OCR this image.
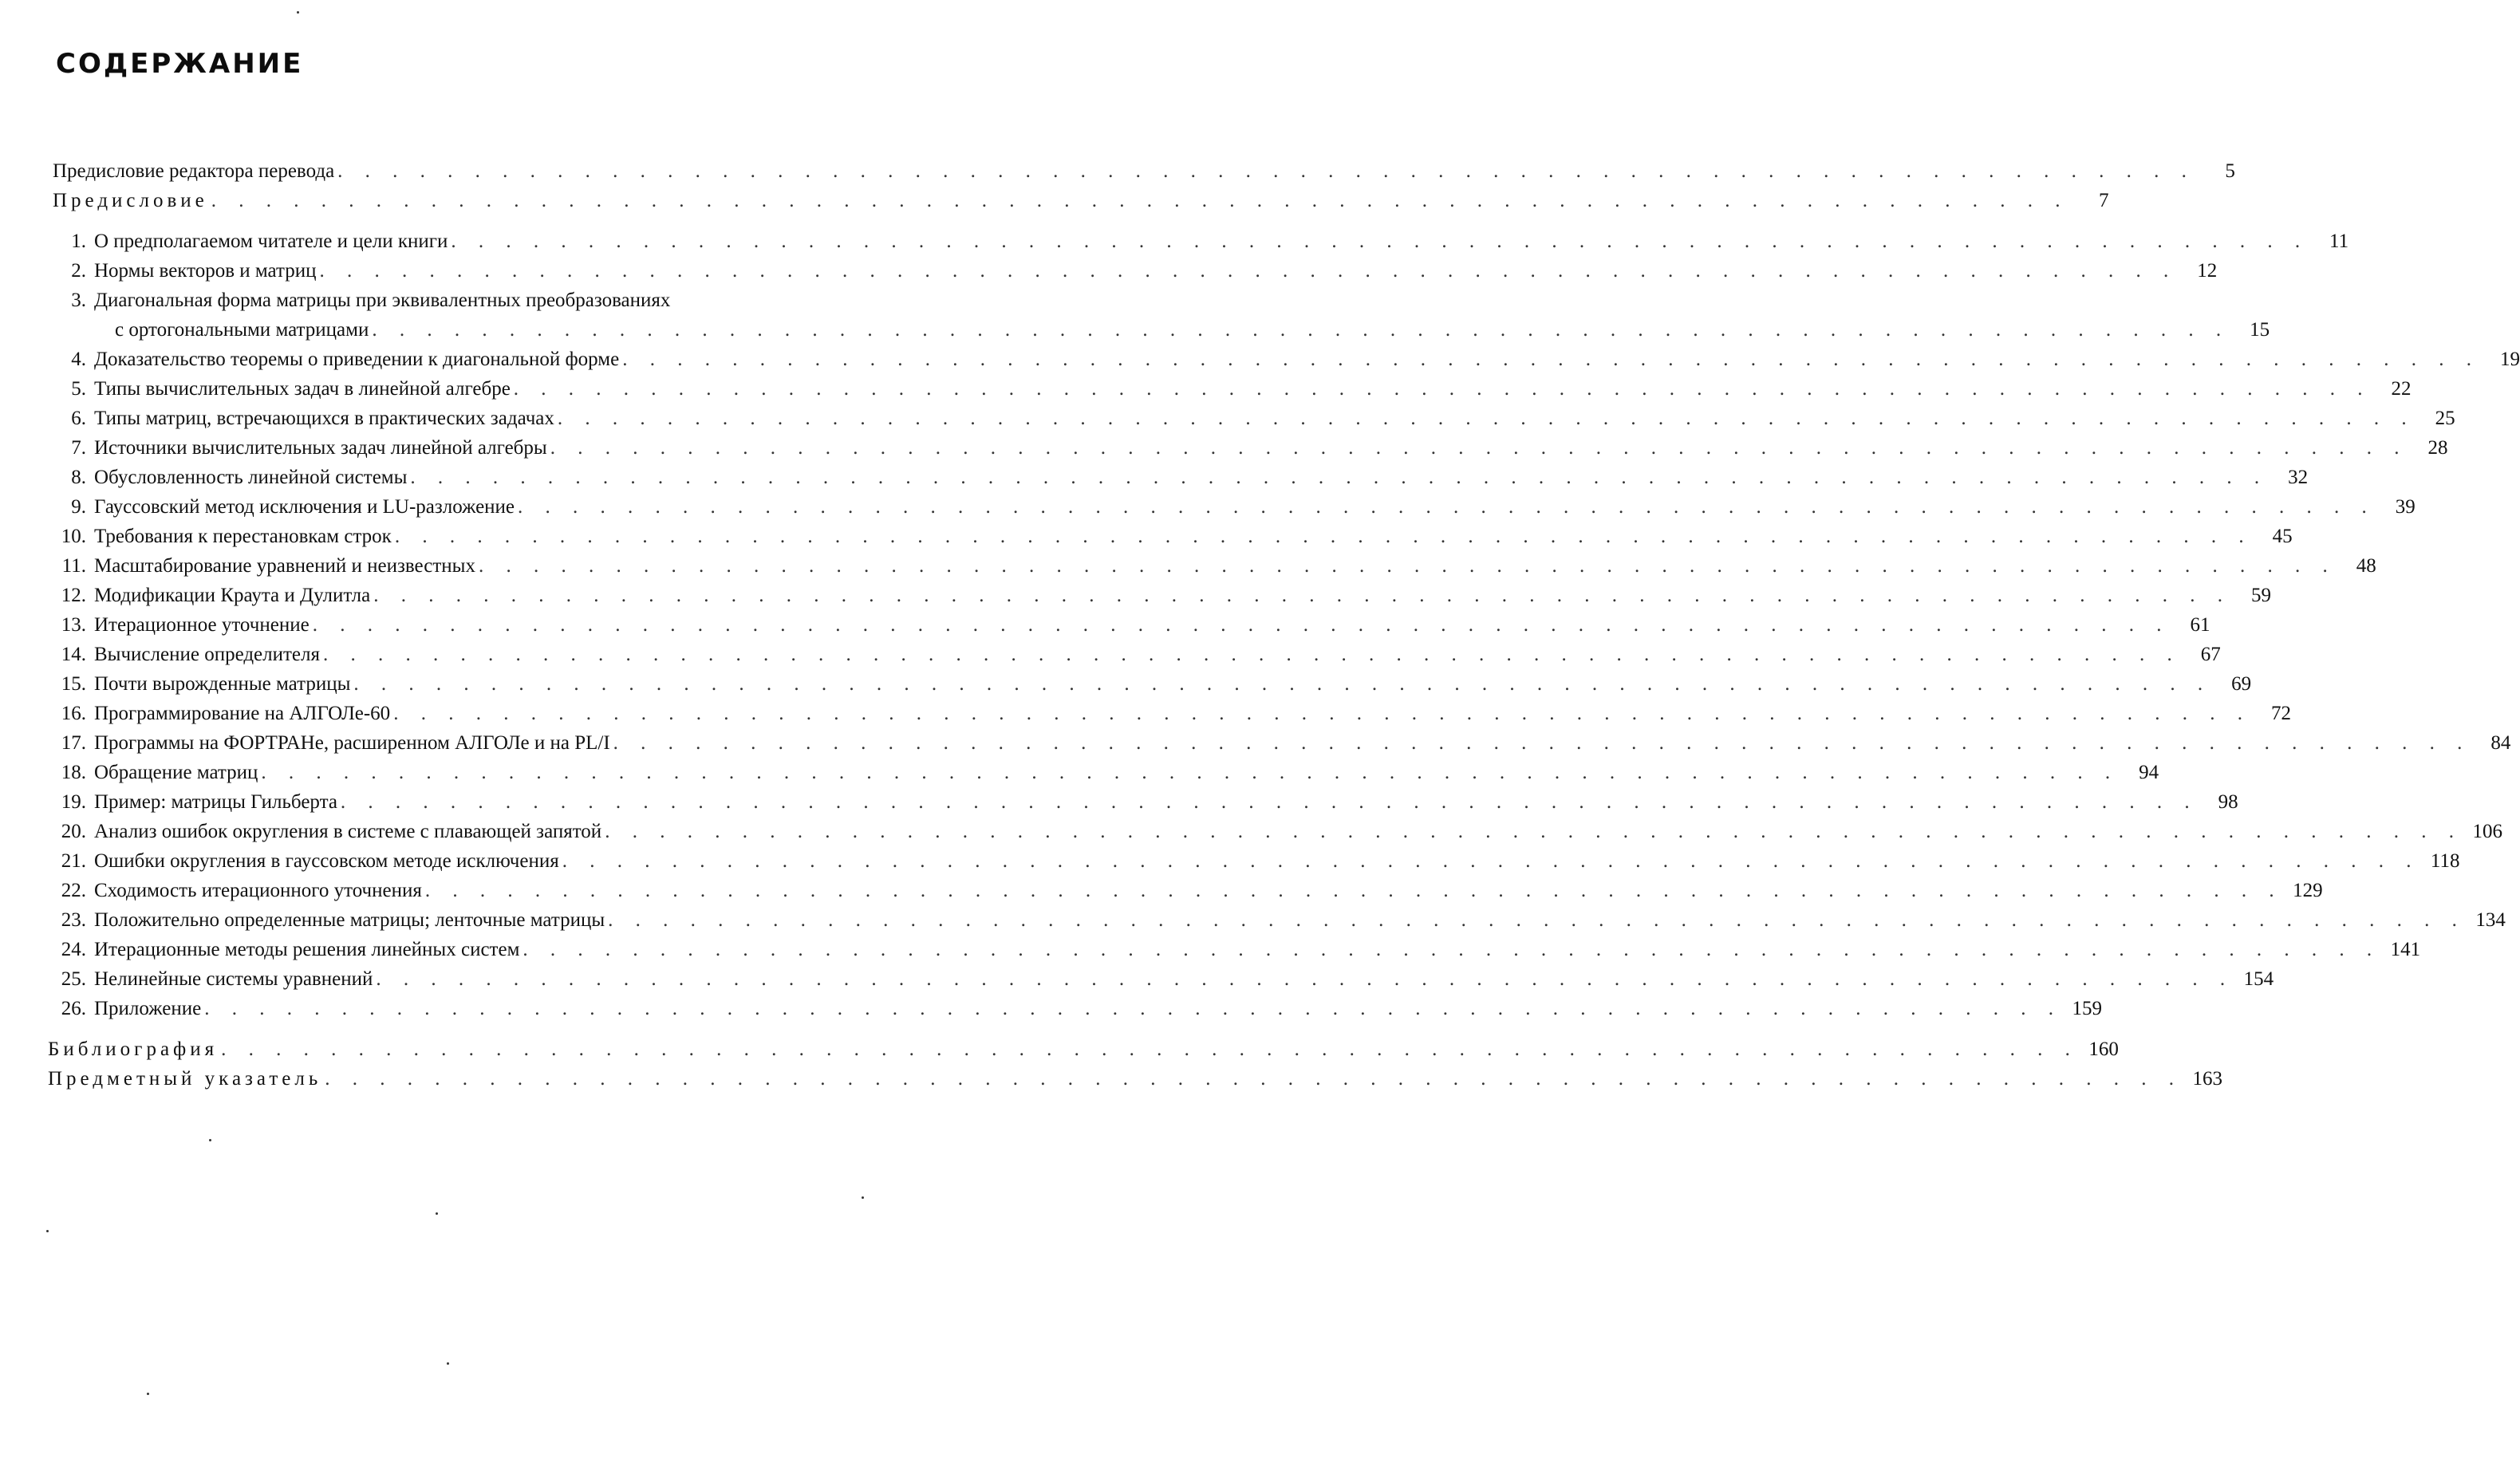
СОДЕРЖАНИЕ
Предисловие редактора перевода . . . . . . . . . . . . . . . . . . . . . . . . . . . . . . . . . . . . . . . . . . . . . . . . . . . . . . . . . . . . . . . . . . . .	5
Предисловие . . . . . . . . . . . . . . . . . . . . . . . . . . . . . . . . . . . . . . . . . . . . . . . . . . . . . . . . . . . . . . . . . . . .	7
1. О предполагаемом читателе и цели книги . . . . . . . . . . . . . . . . . . . . . . . . . . . . . . . . . . . . . . . . . . . . . . . . . . . . . . . . . . . . . . . . . . . .	11
2. Нормы векторов и матриц . . . . . . . . . . . . . . . . . . . . . . . . . . . . . . . . . . . . . . . . . . . . . . . . . . . . . . . . . . . . . . . . . . . .	12
3. Диагональная форма матрицы при эквивалентных преобразованиях
с ортогональными матрицами . . . . . . . . . . . . . . . . . . . . . . . . . . . . . . . . . . . . . . . . . . . . . . . . . . . . . . . . . . . . . . . . . . . .	15
4. Доказательство теоремы о приведении к диагональной форме . . . . . . . . . . . . . . . . . . . . . . . . . . . . . . . . . . . . . . . . . . . . . . . . . . . . . . . . . . . . . . . . . . . .	19
5. Типы вычислительных задач в линейной алгебре . . . . . . . . . . . . . . . . . . . . . . . . . . . . . . . . . . . . . . . . . . . . . . . . . . . . . . . . . . . . . . . . . . . .	22
6. Типы матриц, встречающихся в практических задачах . . . . . . . . . . . . . . . . . . . . . . . . . . . . . . . . . . . . . . . . . . . . . . . . . . . . . . . . . . . . . . . . . . . .	25
7. Источники вычислительных задач линейной алгебры . . . . . . . . . . . . . . . . . . . . . . . . . . . . . . . . . . . . . . . . . . . . . . . . . . . . . . . . . . . . . . . . . . . .	28
8. Обусловленность линейной системы . . . . . . . . . . . . . . . . . . . . . . . . . . . . . . . . . . . . . . . . . . . . . . . . . . . . . . . . . . . . . . . . . . . .	32
9. Гауссовский метод исключения и LU-разложение . . . . . . . . . . . . . . . . . . . . . . . . . . . . . . . . . . . . . . . . . . . . . . . . . . . . . . . . . . . . . . . . . . . .	39
10. Требования к перестановкам строк . . . . . . . . . . . . . . . . . . . . . . . . . . . . . . . . . . . . . . . . . . . . . . . . . . . . . . . . . . . . . . . . . . . .	45
11. Масштабирование уравнений и неизвестных . . . . . . . . . . . . . . . . . . . . . . . . . . . . . . . . . . . . . . . . . . . . . . . . . . . . . . . . . . . . . . . . . . . .	48
12. Модификации Краута и Дулитла . . . . . . . . . . . . . . . . . . . . . . . . . . . . . . . . . . . . . . . . . . . . . . . . . . . . . . . . . . . . . . . . . . . .	59
13. Итерационное уточнение . . . . . . . . . . . . . . . . . . . . . . . . . . . . . . . . . . . . . . . . . . . . . . . . . . . . . . . . . . . . . . . . . . . .	61
14. Вычисление определителя . . . . . . . . . . . . . . . . . . . . . . . . . . . . . . . . . . . . . . . . . . . . . . . . . . . . . . . . . . . . . . . . . . . .	67
15. Почти вырожденные матрицы . . . . . . . . . . . . . . . . . . . . . . . . . . . . . . . . . . . . . . . . . . . . . . . . . . . . . . . . . . . . . . . . . . . .	69
16. Программирование на АЛГОЛе-60 . . . . . . . . . . . . . . . . . . . . . . . . . . . . . . . . . . . . . . . . . . . . . . . . . . . . . . . . . . . . . . . . . . . .	72
17. Программы на ФОРТРАНе, расширенном АЛГОЛе и на PL/I . . . . . . . . . . . . . . . . . . . . . . . . . . . . . . . . . . . . . . . . . . . . . . . . . . . . . . . . . . . . . . . . . . . .	84
18. Обращение матриц . . . . . . . . . . . . . . . . . . . . . . . . . . . . . . . . . . . . . . . . . . . . . . . . . . . . . . . . . . . . . . . . . . . .	94
19. Пример: матрицы Гильберта . . . . . . . . . . . . . . . . . . . . . . . . . . . . . . . . . . . . . . . . . . . . . . . . . . . . . . . . . . . . . . . . . . . .	98
20. Анализ ошибок округления в системе с плавающей запятой . . . . . . . . . . . . . . . . . . . . . . . . . . . . . . . . . . . . . . . . . . . . . . . . . . . . . . . . . . . . . . . . . . . . 106
21. Ошибки округления в гауссовском методе исключения . . . . . . . . . . . . . . . . . . . . . . . . . . . . . . . . . . . . . . . . . . . . . . . . . . . . . . . . . . . . . . . . . . . . 118
22. Сходимость итерационного уточнения . . . . . . . . . . . . . . . . . . . . . . . . . . . . . . . . . . . . . . . . . . . . . . . . . . . . . . . . . . . . . . . . . . . . 129
23. Положительно определенные матрицы; ленточные матрицы . . . . . . . . . . . . . . . . . . . . . . . . . . . . . . . . . . . . . . . . . . . . . . . . . . . . . . . . . . . . . . . . . . . . 134
24. Итерационные методы решения линейных систем . . . . . . . . . . . . . . . . . . . . . . . . . . . . . . . . . . . . . . . . . . . . . . . . . . . . . . . . . . . . . . . . . . . . 141
25. Нелинейные системы уравнений . . . . . . . . . . . . . . . . . . . . . . . . . . . . . . . . . . . . . . . . . . . . . . . . . . . . . . . . . . . . . . . . . . . . 154
26. Приложение . . . . . . . . . . . . . . . . . . . . . . . . . . . . . . . . . . . . . . . . . . . . . . . . . . . . . . . . . . . . . . . . . . . . 159
Библиография . . . . . . . . . . . . . . . . . . . . . . . . . . . . . . . . . . . . . . . . . . . . . . . . . . . . . . . . . . . . . . . . . . . . 160
Предметный указатель . . . . . . . . . . . . . . . . . . . . . . . . . . . . . . . . . . . . . . . . . . . . . . . . . . . . . . . . . . . . . . . . . . . . 163
